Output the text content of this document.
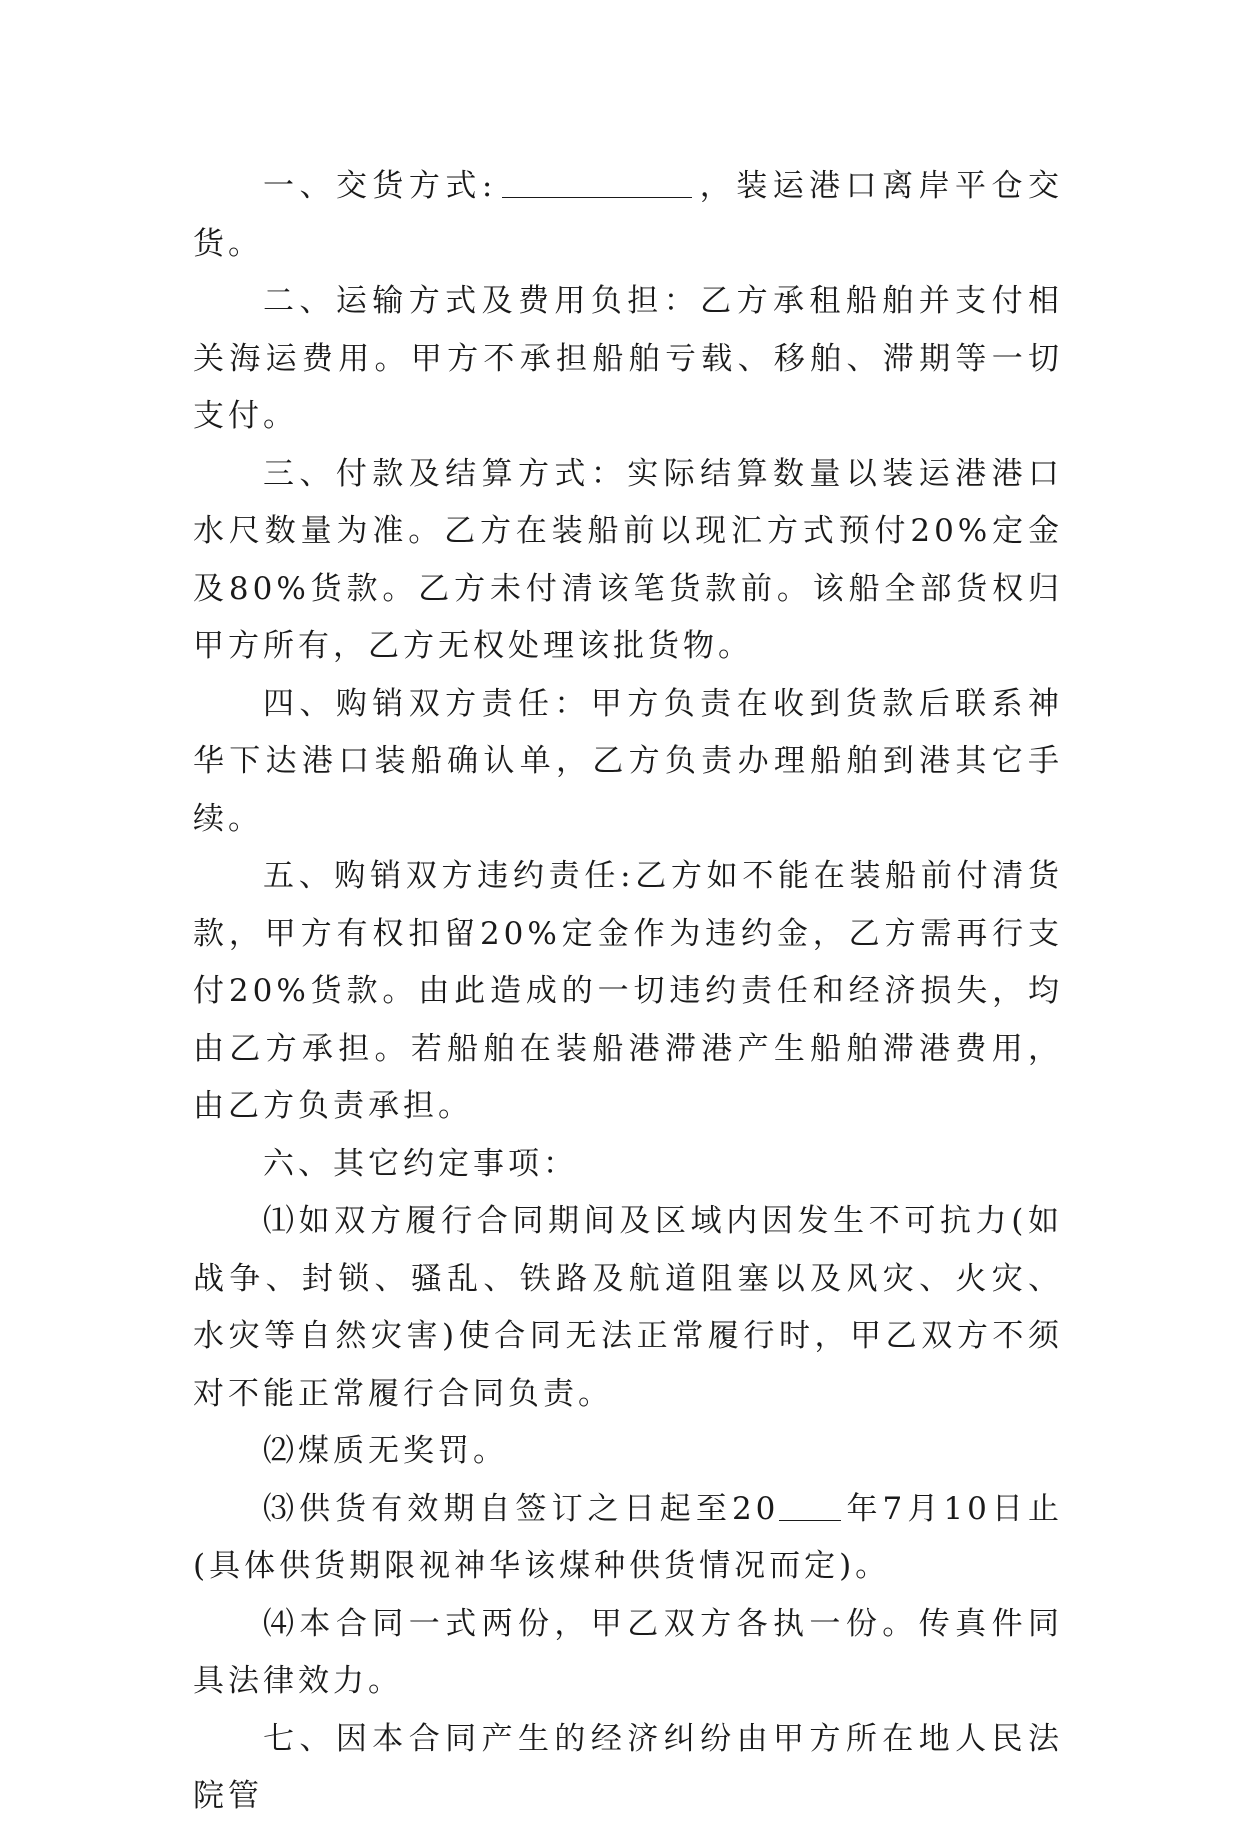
一、交货方式:	，装运港口离岸平仓交货。

二、运输方式及费用负担：乙方承租船舶并支付相关海运费用。甲方不承担船舶亏载、移舶、滞期等一切支付。

三、付款及结算方式：实际结算数量以装运港港口水尺数量为准。乙方在装船前以现汇方式预付20%定金及80%货款。乙方未付清该笔货款前。该船全部货权归甲方所有，乙方无权处理该批货物。

四、购销双方责任：甲方负责在收到货款后联系神华下达港口装船确认单，乙方负责办理船舶到港其它手续。

五、购销双方违约责任:乙方如不能在装船前付清货款，甲方有权扣留20%定金作为违约金，乙方需再行支付20%货款。由此造成的一切违约责任和经济损失，均由乙方承担。若船舶在装船港滞港产生船舶滞港费用，由乙方负责承担。

六、其它约定事项：

⑴如双方履行合同期间及区域内因发生不可抗力(如战争、封锁、骚乱、铁路及航道阻塞以及风灾、火灾、水灾等自然灾害)使合同无法正常履行时，甲乙双方不须对不能正常履行合同负责。

⑵煤质无奖罚。

⑶供货有效期自签订之日起至20 年7月10日止(具体供货期限视神华该煤种供货情况而定)。

⑷本合同一式两份，甲乙双方各执一份。传真件同具法律效力。

七、因本合同产生的经济纠纷由甲方所在地人民法院管
